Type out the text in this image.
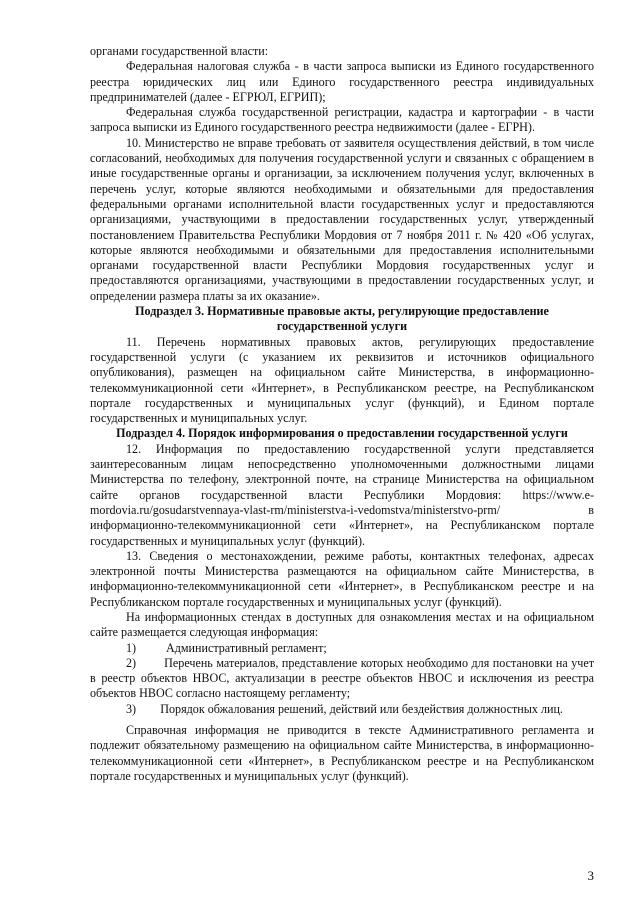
органами государственной власти:

Федеральная налоговая служба - в части запроса выписки из Единого государственного реестра юридических лиц или Единого государственного реестра индивидуальных предпринимателей (далее - ЕГРЮЛ, ЕГРИП);

Федеральная служба государственной регистрации, кадастра и картографии - в части запроса выписки из Единого государственного реестра недвижимости (далее - ЕГРН).

10. Министерство не вправе требовать от заявителя осуществления действий, в том числе согласований, необходимых для получения государственной услуги и связанных с обращением в иные государственные органы и организации, за исключением получения услуг, включенных в перечень услуг, которые являются необходимыми и обязательными для предоставления федеральными органами исполнительной власти государственных услуг и предоставляются организациями, участвующими в предоставлении государственных услуг, утвержденный постановлением Правительства Республики Мордовия от 7 ноября 2011 г. № 420 «Об услугах, которые являются необходимыми и обязательными для предоставления исполнительными органами государственной власти Республики Мордовия государственных услуг и предоставляются организациями, участвующими в предоставлении государственных услуг, и определении размера платы за их оказание».

Подраздел 3. Нормативные правовые акты, регулирующие предоставление государственной услуги

11. Перечень нормативных правовых актов, регулирующих предоставление государственной услуги (с указанием их реквизитов и источников официального опубликования), размещен на официальном сайте Министерства, в информационно-телекоммуникационной сети «Интернет», в Республиканском реестре, на Республиканском портале государственных и муниципальных услуг (функций), и Едином портале государственных и муниципальных услуг.

Подраздел 4. Порядок информирования о предоставлении государственной услуги

12. Информация по предоставлению государственной услуги представляется заинтересованным лицам непосредственно уполномоченными должностными лицами Министерства по телефону, электронной почте, на странице Министерства на официальном сайте органов государственной власти Республики Мордовия: https://www.e-mordovia.ru/gosudarstvennaya-vlast-rm/ministerstva-i-vedomstva/ministerstvo-prm/ в информационно-телекоммуникационной сети «Интернет», на Республиканском портале государственных и муниципальных услуг (функций).

13. Сведения о местонахождении, режиме работы, контактных телефонах, адресах электронной почты Министерства размещаются на официальном сайте Министерства, в информационно-телекоммуникационной сети «Интернет», в Республиканском реестре и на Республиканском портале государственных и муниципальных услуг (функций).

На информационных стендах в доступных для ознакомления местах и на официальном сайте размещается следующая информация:

1)	Административный регламент;

2) Перечень материалов, представление которых необходимо для постановки на учет в реестр объектов НВОС, актуализации в реестре объектов НВОС и исключения из реестра объектов НВОС согласно настоящему регламенту;

3) Порядок обжалования решений, действий или бездействия должностных лиц.

Справочная информация не приводится в тексте Административного регламента и подлежит обязательному размещению на официальном сайте Министерства, в информационно-телекоммуникационной сети «Интернет», в Республиканском реестре и на Республиканском портале государственных и муниципальных услуг (функций).

3
